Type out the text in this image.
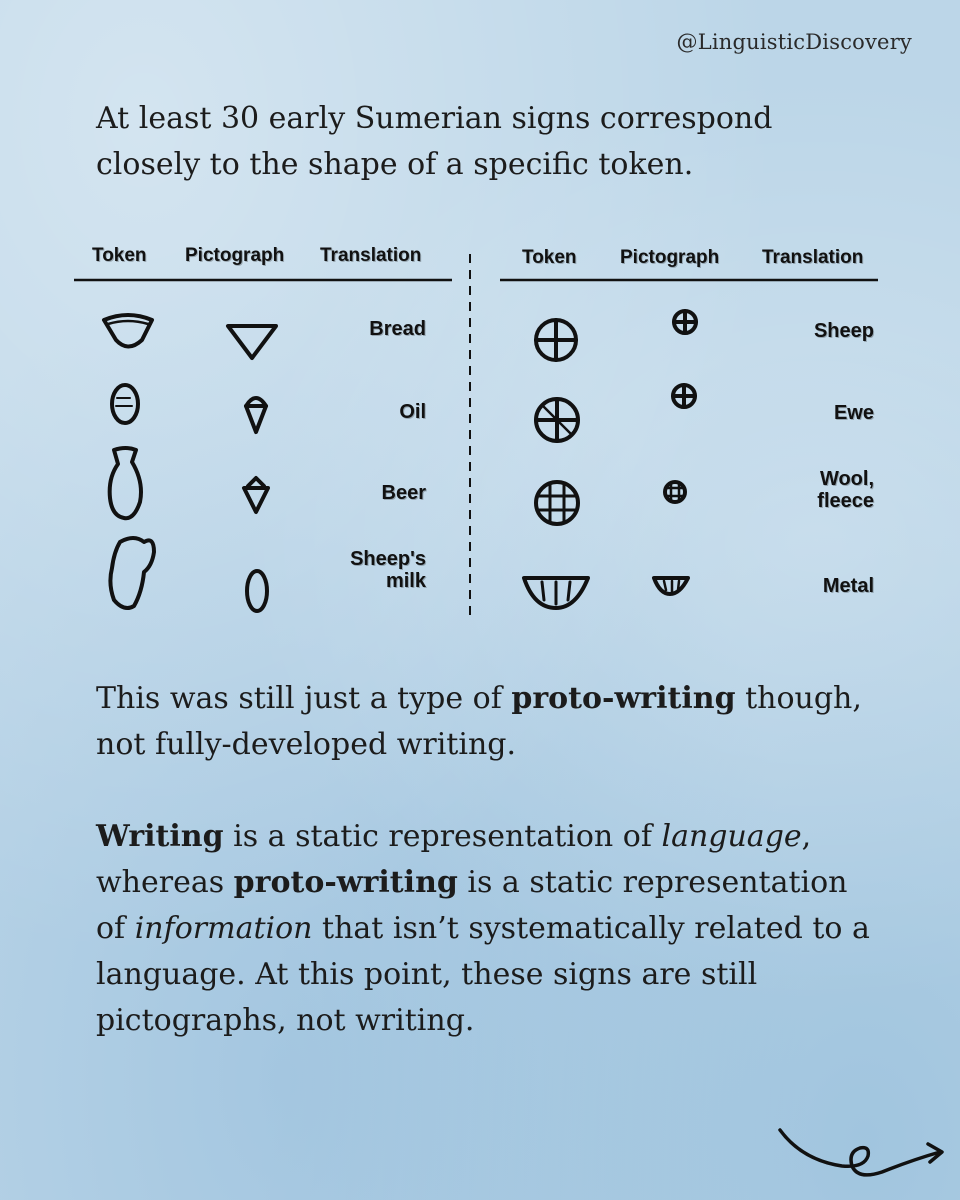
@LinguisticDiscovery

At least 30 early Sumerian signs correspond closely to the shape of a specific token.

Token Pictograph Translation	Token Pictograph Translation
Bread
Oil
Beer
Sheep's
milk
Sheep
Ewe
Wool,
fleece
Metal

This was still just a type of proto-writing though, not fully-developed writing.

Writing is a static representation of language, whereas proto-writing is a static representation of information that isn’t systematically related to a language. At this point, these signs are still pictographs, not writing.
